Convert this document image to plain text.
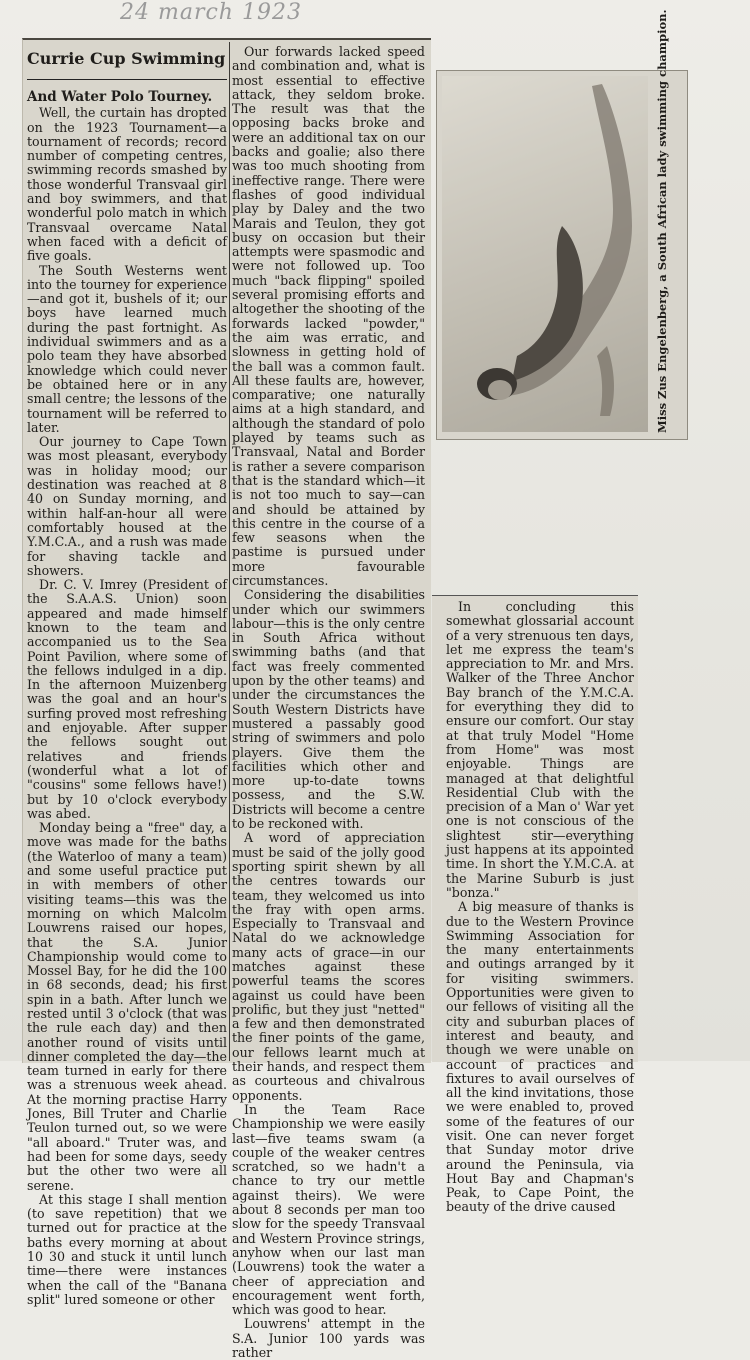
24 march 1923
Currie Cup Swimming
And Water Polo Tourney.

Well, the curtain has dropted on the 1923 Tournament—a tournament of records; record number of competing centres, swimming records smashed by those wonderful Transvaal girl and boy swimmers, and that wonderful polo match in which Transvaal overcame Natal when faced with a deficit of five goals.

The South Westerns went into the tourney for experience—and got it, bushels of it; our boys have learned much during the past fortnight. As individual swimmers and as a polo team they have absorbed knowledge which could never be obtained here or in any small centre; the lessons of the tournament will be referred to later.

Our journey to Cape Town was most pleasant, everybody was in holiday mood; our destination was reached at 8 40 on Sunday morning, and within half-an-hour all were comfortably housed at the Y.M.C.A., and a rush was made for shaving tackle and showers.

Dr. C. V. Imrey (President of the S.A.A.S. Union) soon appeared and made himself known to the team and accompanied us to the Sea Point Pavilion, where some of the fellows indulged in a dip. In the afternoon Muizenberg was the goal and an hour's surfing proved most refreshing and enjoyable. After supper the fellows sought out relatives and friends (wonderful what a lot of "cousins" some fellows have!) but by 10 o'clock everybody was abed.

Monday being a "free" day, a move was made for the baths (the Waterloo of many a team) and some useful practice put in with members of other visiting teams—this was the morning on which Malcolm Louwrens raised our hopes, that the S.A. Junior Championship would come to Mossel Bay, for he did the 100 in 68 seconds, dead; his first spin in a bath. After lunch we rested until 3 o'clock (that was the rule each day) and then another round of visits until dinner completed the day—the team turned in early for there was a strenuous week ahead. At the morning practise Harry Jones, Bill Truter and Charlie Teulon turned out, so we were "all aboard." Truter was, and had been for some days, seedy but the other two were all serene.

At this stage I shall mention (to save repetition) that we turned out for practice at the baths every morning at about 10 30 and stuck it until lunch time—there were instances when the call of the "Banana split" lured someone or other

Our forwards lacked speed and combination and, what is most essential to effective attack, they seldom broke. The result was that the opposing backs broke and were an additional tax on our backs and goalie; also there was too much shooting from ineffective range. There were flashes of good individual play by Daley and the two Marais and Teulon, they got busy on occasion but their attempts were spasmodic and were not followed up. Too much "back flipping" spoiled several promising efforts and altogether the shooting of the forwards lacked "powder," the aim was erratic, and slowness in getting hold of the ball was a common fault. All these faults are, however, comparative; one naturally aims at a high standard, and although the standard of polo played by teams such as Transvaal, Natal and Border is rather a severe comparison that is the standard which—it is not too much to say—can and should be attained by this centre in the course of a few seasons when the pastime is pursued under more favourable circumstances.

Considering the disabilities under which our swimmers labour—this is the only centre in South Africa without swimming baths (and that fact was freely commented upon by the other teams) and under the circumstances the South Western Districts have mustered a passably good string of swimmers and polo players. Give them the facilities which other and more up-to-date towns possess, and the S.W. Districts will become a centre to be reckoned with.

A word of appreciation must be said of the jolly good sporting spirit shewn by all the centres towards our team, they welcomed us into the fray with open arms. Especially to Transvaal and Natal do we acknowledge many acts of grace—in our matches against these powerful teams the scores against us could have been prolific, but they just "netted" a few and then demonstrated the finer points of the game, our fellows learnt much at their hands, and respect them as courteous and chivalrous opponents.

In the Team Race Championship we were easily last—five teams swam (a couple of the weaker centres scratched, so we hadn't a chance to try our mettle against theirs). We were about 8 seconds per man too slow for the speedy Transvaal and Western Province strings, anyhow when our last man (Louwrens) took the water a cheer of appreciation and encouragement went forth, which was good to hear.

Louwrens' attempt in the S.A. Junior 100 yards was rather

In concluding this somewhat glossarial account of a very strenuous ten days, let me express the team's appreciation to Mr. and Mrs. Walker of the Three Anchor Bay branch of the Y.M.C.A. for everything they did to ensure our comfort. Our stay at that truly Model "Home from Home" was most enjoyable. Things are managed at that delightful Residential Club with the precision of a Man o' War yet one is not conscious of the slightest stir—everything just happens at its appointed time. In short the Y.M.C.A. at the Marine Suburb is just "bonza."

A big measure of thanks is due to the Western Province Swimming Association for the many entertainments and outings arranged by it for visiting swimmers. Opportunities were given to our fellows of visiting all the city and suburban places of interest and beauty, and though we were unable on account of practices and fixtures to avail ourselves of all the kind invitations, those we were enabled to, proved some of the features of our visit. One can never forget that Sunday motor drive around the Peninsula, via Hout Bay and Chapman's Peak, to Cape Point, the beauty of the drive caused

Miss Zus Engelenberg, a South African lady swimming champion.
